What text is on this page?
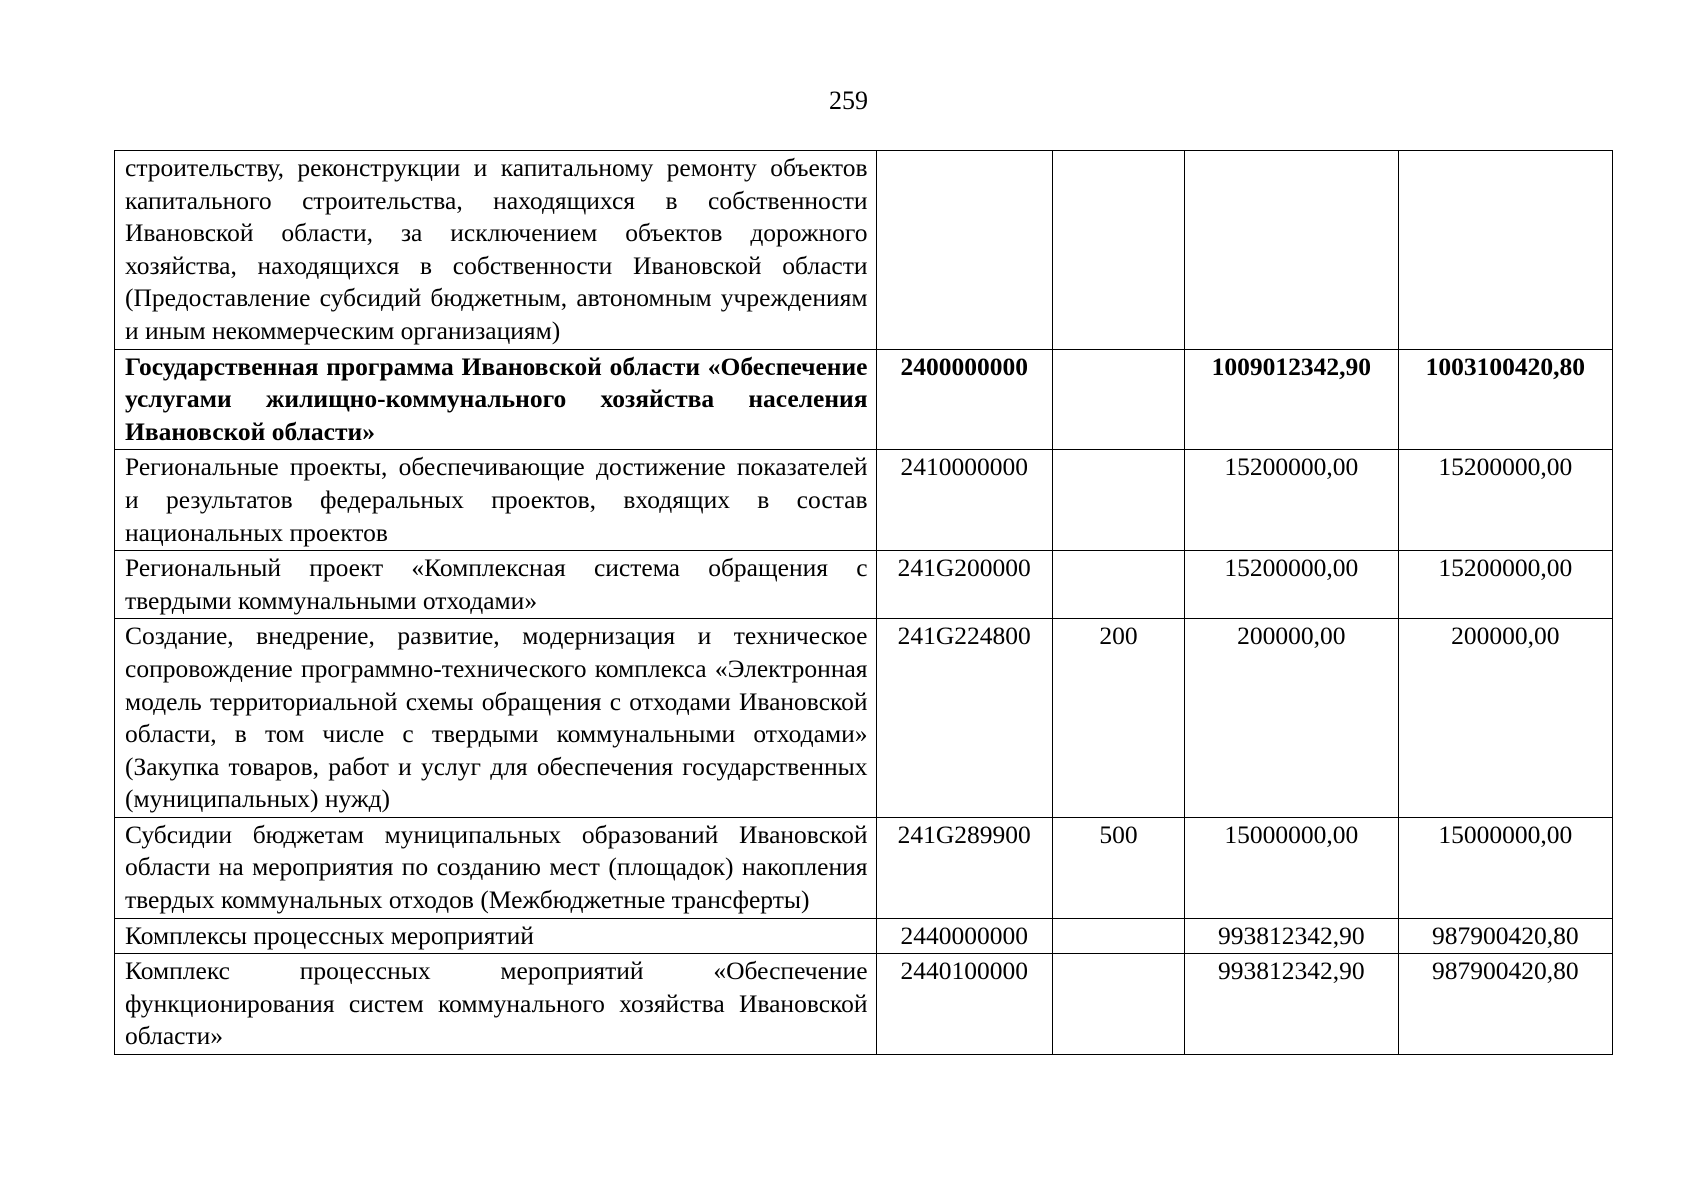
259
строительству, реконструкции и капитальному ремонту объектов капитального строительства, находящихся в собственности Ивановской области, за исключением объектов дорожного хозяйства, находящихся в собственности Ивановской области (Предоставление субсидий бюджетным, автономным учреждениям и иным некоммерческим организациям)				
Государственная программа Ивановской области «Обеспечение услугами жилищно-коммунального хозяйства населения Ивановской области»	2400000000		1009012342,90	1003100420,80
Региональные проекты, обеспечивающие достижение показателей и результатов федеральных проектов, входящих в состав национальных проектов	2410000000		15200000,00	15200000,00
Региональный проект «Комплексная система обращения с твердыми коммунальными отходами»	241G200000		15200000,00	15200000,00
Создание, внедрение, развитие, модернизация и техническое сопровождение программно-технического комплекса «Электронная модель территориальной схемы обращения с отходами Ивановской области, в том числе с твердыми коммунальными отходами» (Закупка товаров, работ и услуг для обеспечения государственных (муниципальных) нужд)	241G224800	200	200000,00	200000,00
Субсидии бюджетам муниципальных образований Ивановской области на мероприятия по созданию мест (площадок) накопления твердых коммунальных отходов (Межбюджетные трансферты)	241G289900	500	15000000,00	15000000,00
Комплексы процессных мероприятий	2440000000		993812342,90	987900420,80
Комплекс процессных мероприятий «Обеспечение функционирования систем коммунального хозяйства Ивановской области»	2440100000		993812342,90	987900420,80
